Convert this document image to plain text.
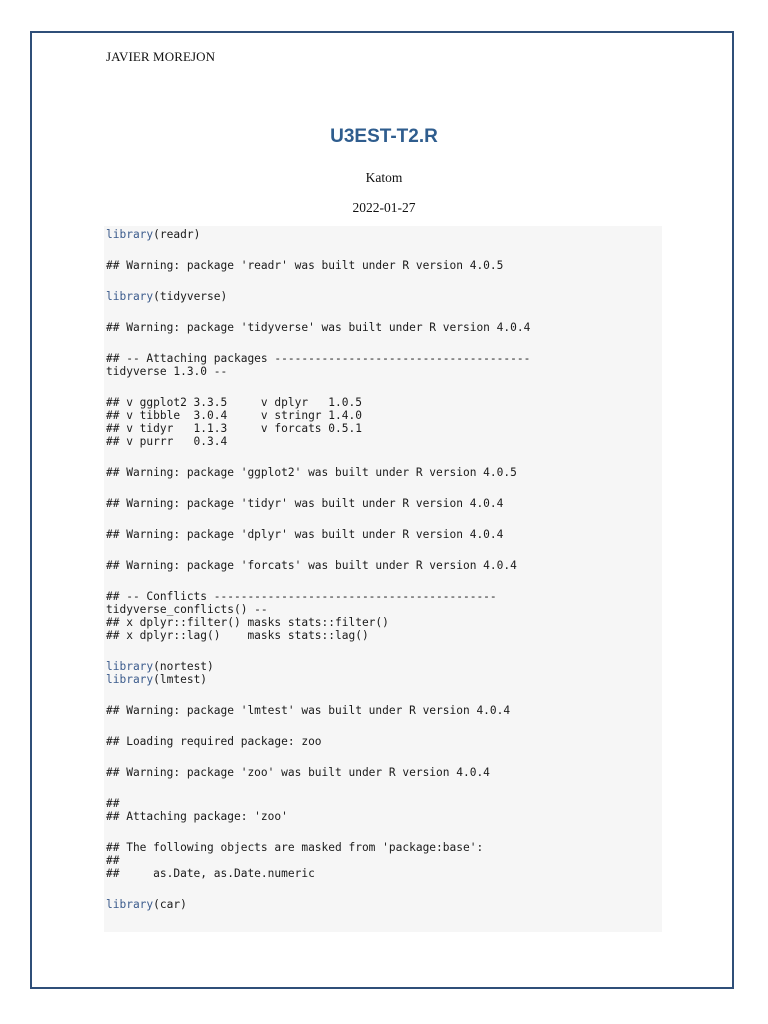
JAVIER MOREJON
U3EST-T2.R
Katom
2022-01-27
library(readr)
## Warning: package 'readr' was built under R version 4.0.5
library(tidyverse)
## Warning: package 'tidyverse' was built under R version 4.0.4
## -- Attaching packages --------------------------------------
tidyverse 1.3.0 --
## v ggplot2 3.3.5     v dplyr   1.0.5
## v tibble  3.0.4     v stringr 1.4.0
## v tidyr   1.1.3     v forcats 0.5.1
## v purrr   0.3.4
## Warning: package 'ggplot2' was built under R version 4.0.5
## Warning: package 'tidyr' was built under R version 4.0.4
## Warning: package 'dplyr' was built under R version 4.0.4
## Warning: package 'forcats' was built under R version 4.0.4
## -- Conflicts ------------------------------------------
tidyverse_conflicts() --
## x dplyr::filter() masks stats::filter()
## x dplyr::lag()    masks stats::lag()
library(nortest)
library(lmtest)
## Warning: package 'lmtest' was built under R version 4.0.4
## Loading required package: zoo
## Warning: package 'zoo' was built under R version 4.0.4
##
## Attaching package: 'zoo'
## The following objects are masked from 'package:base':
##
##     as.Date, as.Date.numeric
library(car)
